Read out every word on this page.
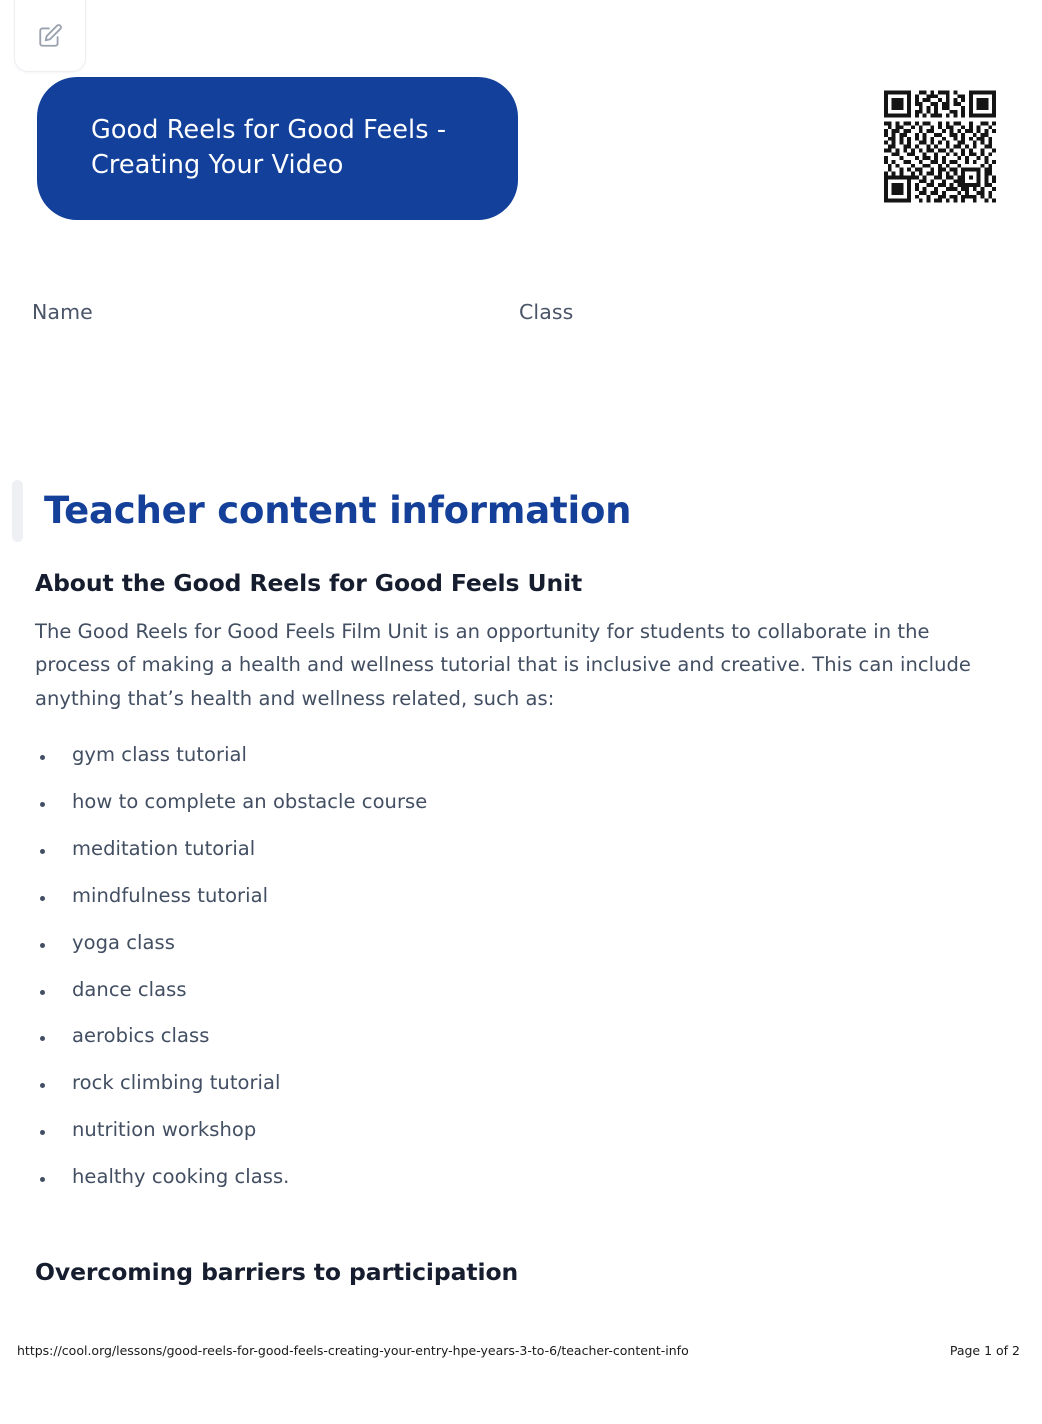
Good Reels for Good Feels - Creating Your Video
Name	Class
Teacher content information
About the Good Reels for Good Feels Unit

The Good Reels for Good Feels Film Unit is an opportunity for students to collaborate in the process of making a health and wellness tutorial that is inclusive and creative. This can include anything that’s health and wellness related, such as:

gym class tutorial
how to complete an obstacle course
meditation tutorial
mindfulness tutorial
yoga class
dance class
aerobics class
rock climbing tutorial
nutrition workshop
healthy cooking class.
Overcoming barriers to participation
https://cool.org/lessons/good-reels-for-good-feels-creating-your-entry-hpe-years-3-to-6/teacher-content-info	Page 1 of 2
